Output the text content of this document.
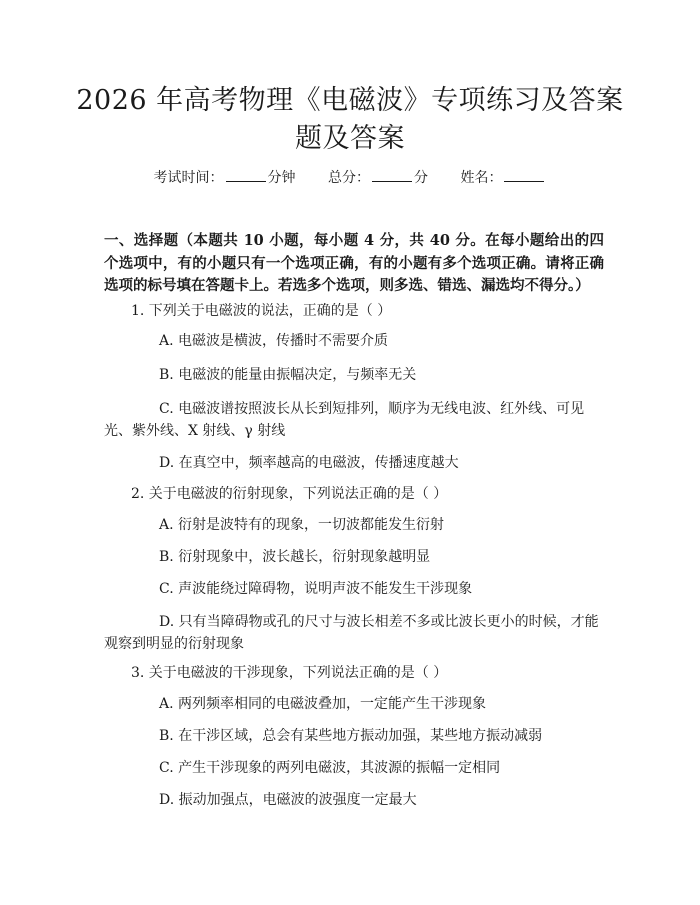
2026 年高考物理《电磁波》专项练习及答案
题及答案
考试时间：	分钟 总分：	分 姓名：
一、选择题（本题共 10 小题，每小题 4 分，共 40 分。在每小题给出的四个选项中，有的小题只有一个选项正确，有的小题有多个选项正确。请将正确选项的标号填在答题卡上。若选多个选项，则多选、错选、漏选均不得分。）
1. 下列关于电磁波的说法，正确的是（ ）
A. 电磁波是横波，传播时不需要介质
B. 电磁波的能量由振幅决定，与频率无关
C. 电磁波谱按照波长从长到短排列，顺序为无线电波、红外线、可见
光、紫外线、X 射线、γ 射线
D. 在真空中，频率越高的电磁波，传播速度越大
2. 关于电磁波的衍射现象，下列说法正确的是（ ）
A. 衍射是波特有的现象，一切波都能发生衍射
B. 衍射现象中，波长越长，衍射现象越明显
C. 声波能绕过障碍物，说明声波不能发生干涉现象
D. 只有当障碍物或孔的尺寸与波长相差不多或比波长更小的时候，才能
观察到明显的衍射现象
3. 关于电磁波的干涉现象，下列说法正确的是（ ）
A. 两列频率相同的电磁波叠加，一定能产生干涉现象
B. 在干涉区域，总会有某些地方振动加强，某些地方振动减弱
C. 产生干涉现象的两列电磁波，其波源的振幅一定相同
D. 振动加强点，电磁波的波强度一定最大
